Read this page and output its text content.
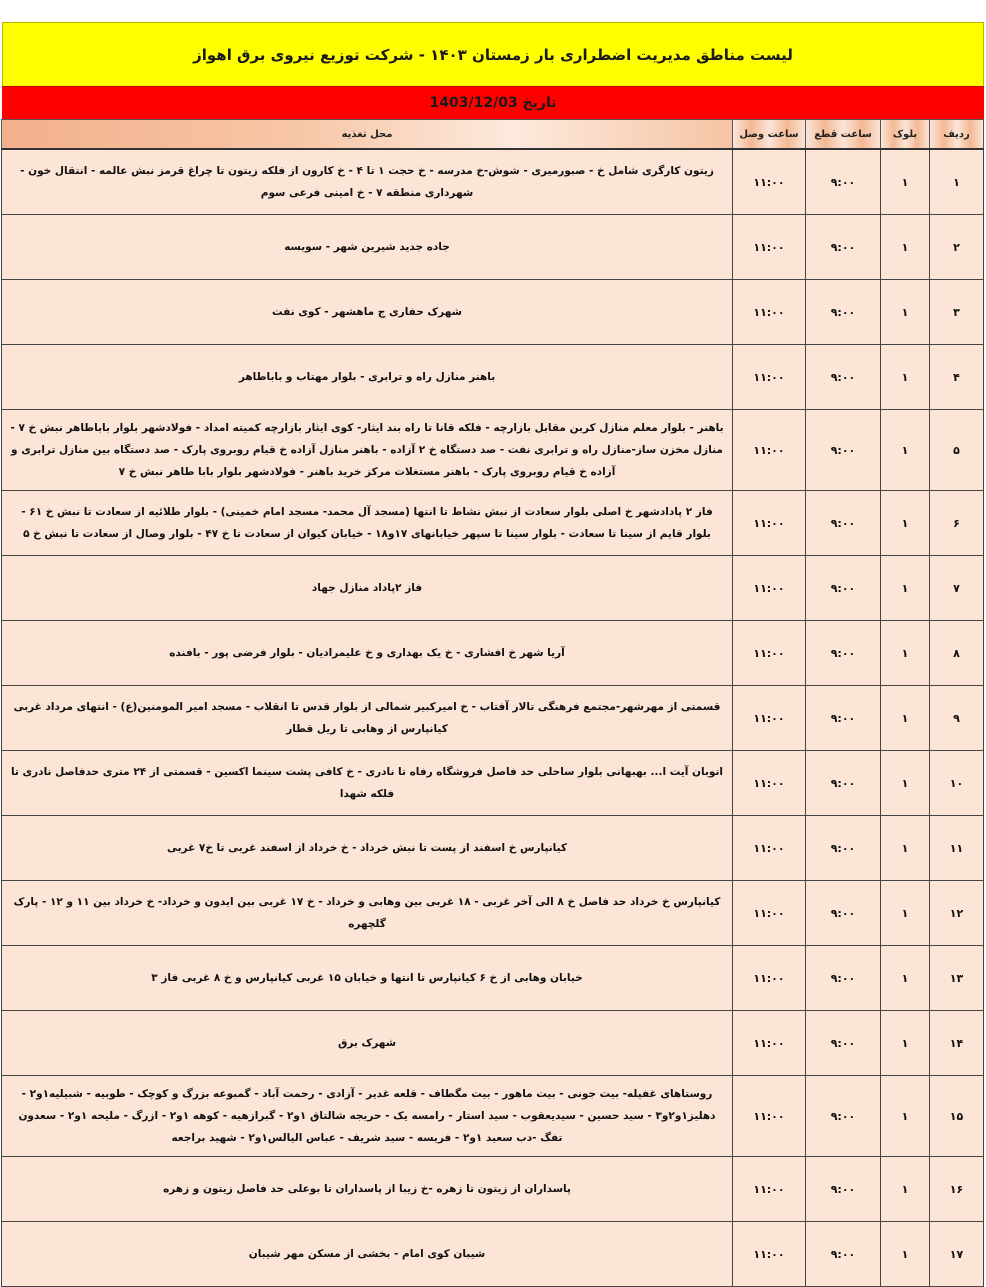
لیست مناطق مدیریت اضطراری بار زمستان ۱۴۰۳ - شرکت توزیع نیروی برق اهواز
تاریخ 1403/12/03
ردیف	بلوک	ساعت قطع	ساعت وصل	محل تغذیه
۱	۱	۹:۰۰	۱۱:۰۰	زیتون کارگری شامل خ - صبورمیری - شوش-خ مدرسه - خ حجت ۱ تا ۴ - خ کارون از فلکه زیتون تا چراغ قرمز نبش عالمه - انتقال خون - شهرداری منطقه ۷ - خ امینی فرعی سوم
۲	۱	۹:۰۰	۱۱:۰۰	جاده جدید شیرین شهر - سویسه
۳	۱	۹:۰۰	۱۱:۰۰	شهرک حفاری ج ماهشهر - کوی نفت
۴	۱	۹:۰۰	۱۱:۰۰	باهنر منازل راه و ترابری - بلوار مهتاب و باباطاهر
۵	۱	۹:۰۰	۱۱:۰۰	باهنر - بلوار معلم منازل کربن مقابل بازارچه - فلکه قانا تا راه بند ایثار- کوی ایثار بازارچه کمیته امداد - فولادشهر بلوار باباطاهر نبش خ ۷ - منازل مخزن ساز-منازل راه و ترابری نفت - صد دستگاه خ ۲ آزاده - باهنر منازل آزاده خ قیام روبروی پارک - صد دستگاه بین منازل ترابری و آزاده خ قیام روبروی پارک - باهنر مستغلات مرکز خرید باهنر - فولادشهر بلوار بابا طاهر نبش خ ۷
۶	۱	۹:۰۰	۱۱:۰۰	فاز ۲ پادادشهر خ اصلی بلوار سعادت از نبش نشاط تا انتها (مسجد آل محمد- مسجد امام خمینی) - بلوار طلائیه از سعادت تا نبش خ ۶۱ - بلوار قایم از سینا تا سعادت - بلوار سینا تا سپهر خیابانهای ۱۷و۱۸ - خیابان کیوان از سعادت تا خ ۴۷ - بلوار وصال از سعادت تا نبش خ ۵
۷	۱	۹:۰۰	۱۱:۰۰	فاز ۲پاداد منازل جهاد
۸	۱	۹:۰۰	۱۱:۰۰	آریا شهر خ افشاری - خ یک بهداری و خ علیمرادیان - بلوار فرضی پور - بافنده
۹	۱	۹:۰۰	۱۱:۰۰	قسمتی از مهرشهر-مجتمع فرهنگی تالار آفتاب - خ امیرکبیر شمالی از بلوار قدس تا انقلاب - مسجد امیر المومنین(ع) - انتهای مرداد غربی کیانپارس از وهابی تا ریل قطار
۱۰	۱	۹:۰۰	۱۱:۰۰	اتوبان آیت ا... بهبهانی بلوار ساحلی حد فاصل فروشگاه رفاه تا نادری - خ کافی پشت سینما اکسین - قسمتی از ۲۴ متری حدفاصل نادری تا فلکه شهدا
۱۱	۱	۹:۰۰	۱۱:۰۰	کیانپارس خ اسفند از پست تا نبش خرداد - خ خرداد از اسفند غربی تا خ۷ غربی
۱۲	۱	۹:۰۰	۱۱:۰۰	کیانپارس خ خرداد حد فاصل خ ۸ الی آخر غربی - ۱۸ غربی بین وهابی و خرداد - خ ۱۷ غربی بین ایدون و خرداد- خ خرداد بین ۱۱ و ۱۲ - پارک گلچهره
۱۳	۱	۹:۰۰	۱۱:۰۰	خیابان وهابی از خ ۶ کیانپارس تا انتها و خیابان ۱۵ غربی کیانپارس و خ ۸ غربی فاز ۳
۱۴	۱	۹:۰۰	۱۱:۰۰	شهرک برق
۱۵	۱	۹:۰۰	۱۱:۰۰	روستاهای غفیله- بیت جونی - بیت ماهور - بیت مگطاف - قلعه غدیر - آزادی - رحمت آباد - گمبوعه بزرگ و کوچک - طوبیه - شبیلیه۱و۲ - دهلیز۱و۲و۳ - سید حسین - سیدیعقوب - سید استار - رامسه یک - حریجه شالتاق ۱و۲ - گبرازهیه - کوهه ۱و۲ - ازرگ - ملیحه ۱و۲ - سعدون تفگ -دب سعید ۱و۲ - فریسه - سید شریف - عباس الیالس۱و۲ - شهید براجعه
۱۶	۱	۹:۰۰	۱۱:۰۰	پاسداران از زیتون تا زهره -خ زیبا از پاسداران تا بوعلی حد فاصل زیتون و زهره
۱۷	۱	۹:۰۰	۱۱:۰۰	شیبان کوی امام - بخشی از مسکن مهر شیبان
